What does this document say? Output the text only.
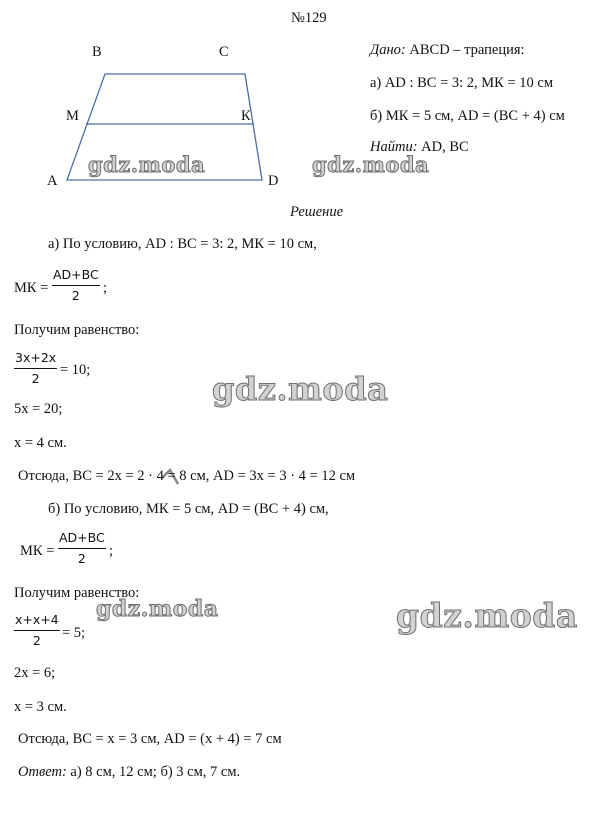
№129
B	C
M	К
A	D
Дано: ABCD – трапеция:
а) AD : BC = 3: 2, МК = 10 см
б) МК = 5 см, AD = (BC + 4) см
Найти: AD, BC
Решение
а) По условию, AD : BC = 3: 2, МК = 10 см,
МК = $\frac{AD+BC}{2}$ ;
Получим равенство:
$\frac{3x+2x}{2} = 10$;
5x = 20;
x = 4 см.
Отсюда, BC = 2x = 2 · 4 = 8 см, AD = 3x = 3 · 4 = 12 см
б) По условию, МК = 5 см, AD = (BC + 4) см,
МК = $\frac{AD+BC}{2}$ ;
Получим равенство:
$\frac{x+x+4}{2} = 5$;
2x = 6;
x = 3 см.
Отсюда, BC = x = 3 см, AD = (x + 4) = 7 см
Ответ: а) 8 см, 12 см; б) 3 см, 7 см.
gdz.moda	gdz.moda
gdz.moda
gdz.moda	gdz.moda
